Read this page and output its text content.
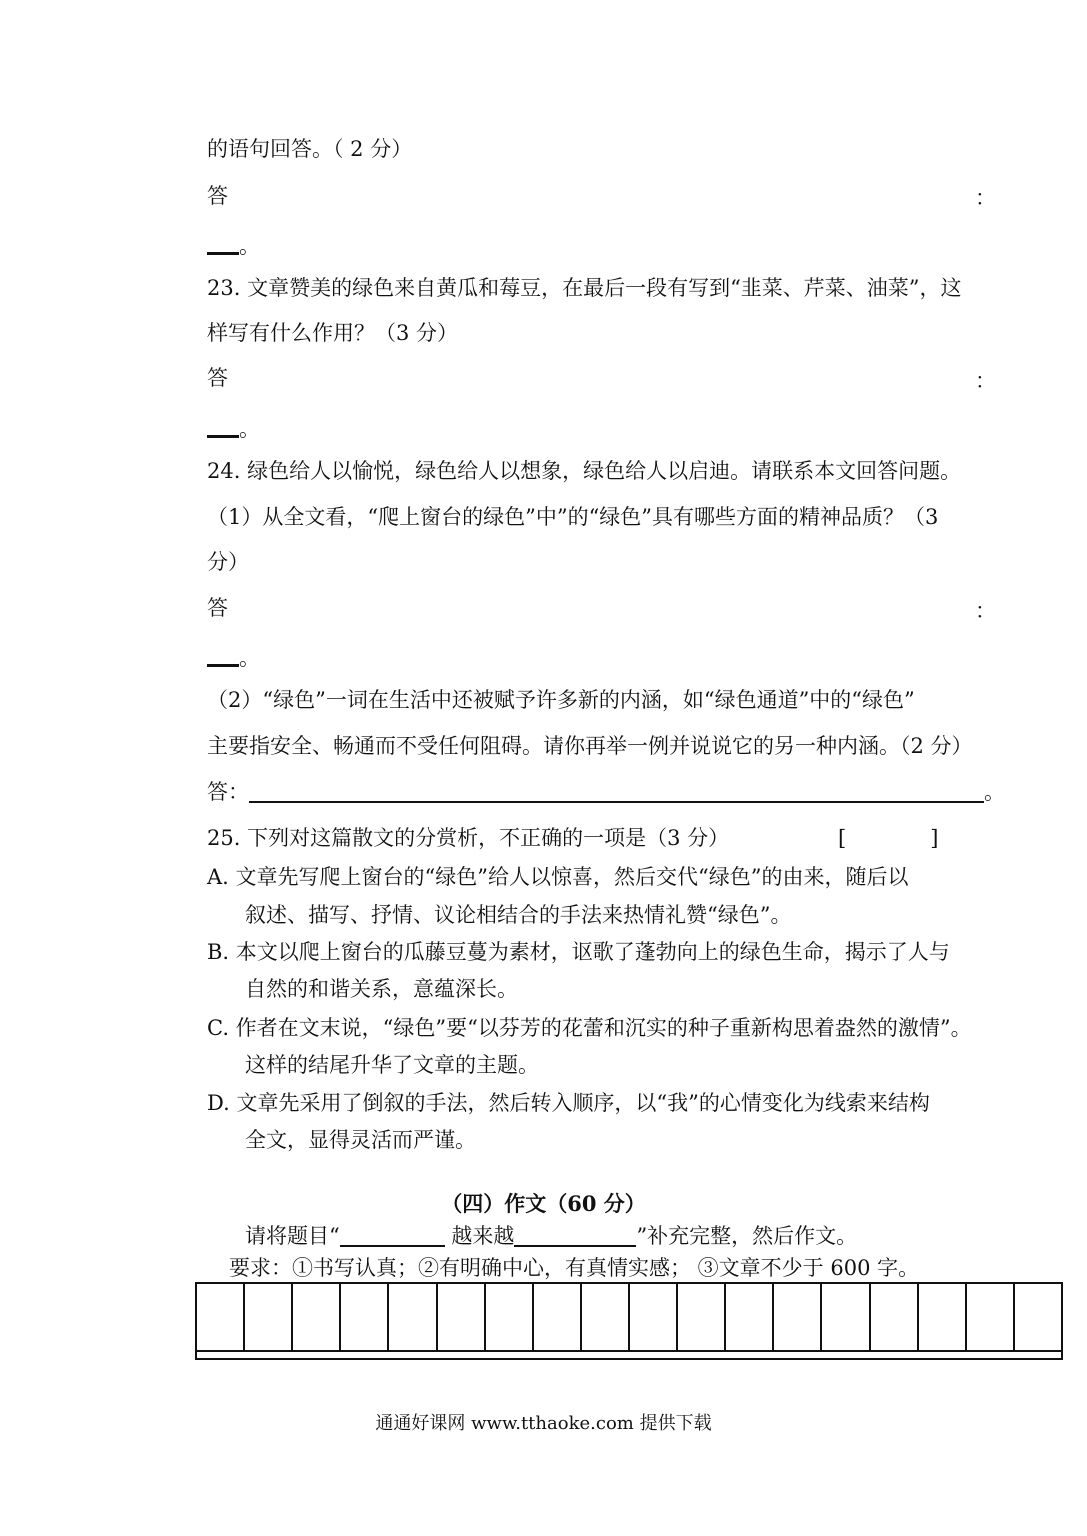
的语句回答。（ 2 分）
答	：
。
23. 文章赞美的绿色来自黄瓜和莓豆，在最后一段有写到“韭菜、芹菜、油菜”，这
样写有什么作用？（3 分）
答	：
。
24. 绿色给人以愉悦，绿色给人以想象，绿色给人以启迪。请联系本文回答问题。
（1）从全文看，“爬上窗台的绿色”中”的“绿色”具有哪些方面的精神品质？（3
分）
答	：
。
（2）“绿色”一词在生活中还被赋予许多新的内涵，如“绿色通道”中的“绿色”
主要指安全、畅通而不受任何阻碍。请你再举一例并说说它的另一种内涵。（2 分）
答：	。
25. 下列对这篇散文的分赏析，不正确的一项是（3 分）	[　　　　]
A. 文章先写爬上窗台的“绿色”给人以惊喜，然后交代“绿色”的由来，随后以
叙述、描写、抒情、议论相结合的手法来热情礼赞“绿色”。
B. 本文以爬上窗台的瓜藤豆蔓为素材，讴歌了蓬勃向上的绿色生命，揭示了人与
自然的和谐关系，意蕴深长。
C. 作者在文末说，“绿色”要“以芬芳的花蕾和沉实的种子重新构思着盎然的激情”。
这样的结尾升华了文章的主题。
D. 文章先采用了倒叙的手法，然后转入顺序，以“我”的心情变化为线索来结构
全文，显得灵活而严谨。
（四）作文（60 分）
请将题目“	越来越	”补充完整，然后作文。
要求：①书写认真；②有明确中心，有真情实感； ③文章不少于 600 字。
通通好课网 www.tthaoke.com 提供下载
